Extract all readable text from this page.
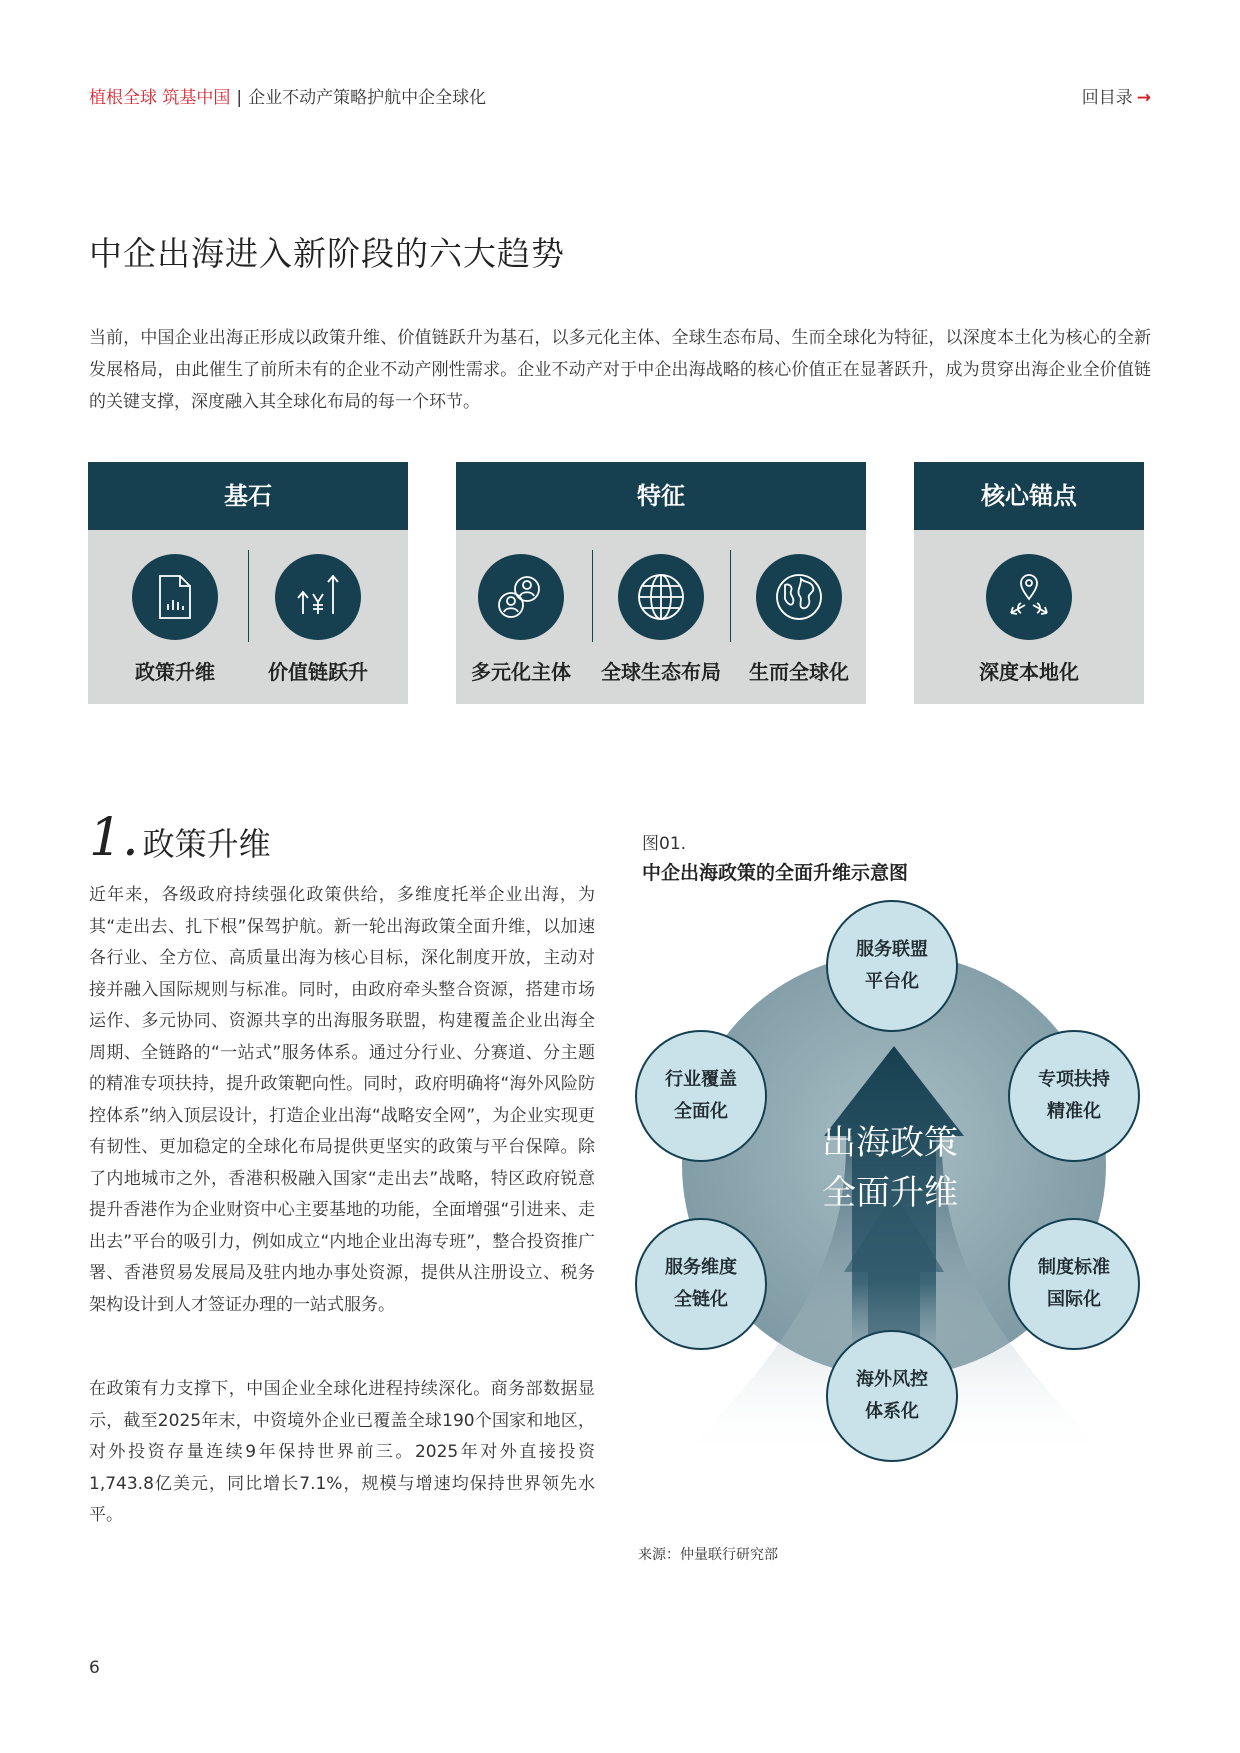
植根全球 筑基中国 | 企业不动产策略护航中企全球化	回目录 →
中企出海进入新阶段的六大趋势

当前，中国企业出海正形成以政策升维、价值链跃升为基石，以多元化主体、全球生态布局、生而全球化为特征，以深度本土化为核心的全新发展格局，由此催生了前所未有的企业不动产刚性需求。企业不动产对于中企出海战略的核心价值正在显著跃升，成为贯穿出海企业全价值链的关键支撑，深度融入其全球化布局的每一个环节。

基石
政策升维	价值链跃升
特征
多元化主体	全球生态布局	生而全球化
核心锚点
深度本地化
1. 政策升维

近年来，各级政府持续强化政策供给，多维度托举企业出海，为其“走出去、扎下根”保驾护航。新一轮出海政策全面升维，以加速各行业、全方位、高质量出海为核心目标，深化制度开放，主动对接并融入国际规则与标准。同时，由政府牵头整合资源，搭建市场运作、多元协同、资源共享的出海服务联盟，构建覆盖企业出海全周期、全链路的“一站式”服务体系。通过分行业、分赛道、分主题的精准专项扶持，提升政策靶向性。同时，政府明确将“海外风险防控体系”纳入顶层设计，打造企业出海“战略安全网”，为企业实现更有韧性、更加稳定的全球化布局提供更坚实的政策与平台保障。除了内地城市之外，香港积极融入国家“走出去”战略，特区政府锐意提升香港作为企业财资中心主要基地的功能，全面增强“引进来、走出去”平台的吸引力，例如成立“内地企业出海专班”，整合投资推广署、香港贸易发展局及驻内地办事处资源，提供从注册设立、税务架构设计到人才签证办理的一站式服务。

在政策有力支撑下，中国企业全球化进程持续深化。商务部数据显示，截至2025年末，中资境外企业已覆盖全球190个国家和地区，对外投资存量连续9年保持世界前三。2025年对外直接投资1,743.8亿美元，同比增长7.1%，规模与增速均保持世界领先水平。

图01.
中企出海政策的全面升维示意图
出海政策
全面升维
服务联盟
平台化
专项扶持
精准化
制度标准
国际化
海外风控
体系化
服务维度
全链化
行业覆盖
全面化
来源：仲量联行研究部
6
